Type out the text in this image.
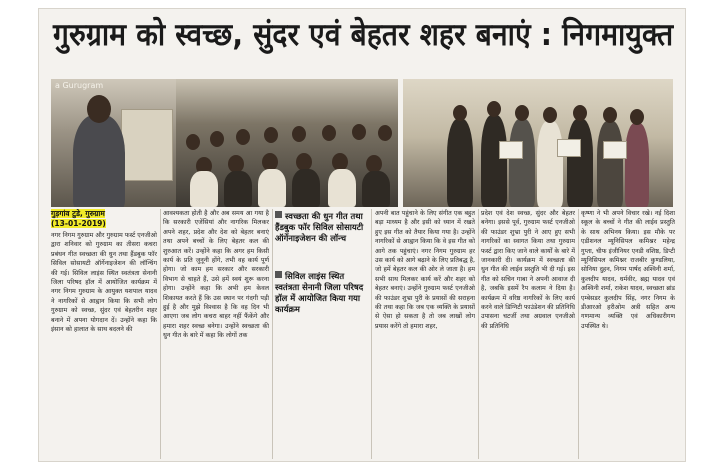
गुरुग्राम को स्वच्छ, सुंदर एवं बेहतर शहर बनाएं : निगमायुक्त
a Gurugram
गुड़गांव टुडे, गुरुग्राम
(13-01-2019)
नगर निगम गुरुग्राम और गुरुग्राम फर्स्ट एनजीओ द्वारा शनिवार को गुरुग्राम का तीसरा कचरा प्रबंधन गीत स्वच्छता की धुन तथा हैंडबुक फॉर सिविल सोसायटी ऑर्गेनाइजेशन की लॉन्चिंग की गई। सिविल लाइंस स्थित स्वतंत्रता सेनानी जिला परिषद हॉल में आयोजित कार्यक्रम में नगर निगम गुरुग्राम के आयुक्त यशपाल यादव ने नागरिकों से आह्वान किया कि सभी लोग गुरुग्राम को स्वच्छ, सुंदर एवं बेहतरीन शहर बनाने में अपना योगदान दें। उन्होंने कहा कि इंसान को हालात के साथ बदलने की
आवश्यकता होती है और अब समय आ गया है कि सरकारी एजेंसियां और नागरिक मिलकर अपने शहर, प्रदेश और देश को बेहतर बनाएं तथा अपने बच्चों के लिए बेहतर कल की शुरुआत करें। उन्होंने कहा कि अगर हम किसी कार्य के प्रति जुनूनी होंगे, तभी वह कार्य पूर्ण होगा। जो काम हम सरकार और सरकारी विभाग से चाहते हैं, उसे हमें स्वयं शुरू करना होगा। उन्होंने कहा कि अभी हम केवल शिकायत करते हैं कि उस स्थान पर गंदगी पड़ी हुई है और मुझे विश्वास है कि वह दिन भी आएगा जब लोग कचरा बाहर नहीं फैंकेंगे और हमारा शहर स्वच्छ बनेगा। उन्होंने स्वच्छता की धुन गीत के बारे में कहा कि लोगों तक
स्वच्छता की धुन गीत तथा हैंडबुक फॉर सिविल सोसायटी ऑर्गेनाइजेशन की लॉन्च
सिविल लाइंस स्थित स्वतंत्रता सेनानी जिला परिषद हॉल में आयोजित किया गया कार्यक्रम
अपनी बात पहुंचाने के लिए संगीत एक बहुत बड़ा माध्यम है और इसी को ध्यान में रखते हुए इस गीत को तैयार किया गया है। उन्होंने नागरिकों से आह्वान किया कि वे इस गीत को आगे तक पहुंचाएं। नगर निगम गुरुग्राम हर उस कार्य को आगे बढ़ाने के लिए प्रतिबद्ध है, जो हमें बेहतर कल की ओर ले जाता है। हम सभी साथ मिलकर कार्य करें और शहर को बेहतर बनाएं। उन्होंने गुरुग्राम फर्स्ट एनजीओ की फाउंडर शुभ्रा पुरी के प्रयासों की सराहना की तथा कहा कि जब एक व्यक्ति के प्रयासों से ऐसा हो सकता है तो जब लाखों लोग प्रयास करेंगे तो हमारा शहर,
प्रदेश एवं देश स्वच्छ, सुंदर और बेहतर बनेगा। इससे पूर्व, गुरुग्राम फर्स्ट एनजीओ की फाउंडर शुभ्रा पुरी ने आए हुए सभी नागरिकों का स्वागत किया तथा गुरुग्राम फर्स्ट द्वारा किए जाने वाले कार्यों के बारे में जानकारी दी। कार्यक्रम में स्वच्छता की धुन गीत की लाईव प्रस्तुति भी दी गई। इस गीत को सचिन गाबा ने अपनी आवाज दी है, जबकि इसमें रैप कलाम ने दिया है। कार्यक्रम में वरिष्ठ नागरिकों के लिए कार्य करने वाले डिग्निटी फाउंडेशन की प्रतिनिधि उपासना चटर्जी तथा अग्रवाल एनजीओ की प्रतिनिधि
कृष्णा ने भी अपने विचार रखे। नई दिशा स्कूल के बच्चों ने गीत की लाईव प्रस्तुति के साथ अभिनय किया। इस मौके पर एडीशनल म्यूनिसिपल कमिश्नर महेन्द्र गुप्ता, चीफ इंजीनियर एनडी वशिष्ठ, डिप्टी म्यूनिसिपल कमिश्नर राजबीर कुण्डलिया, सोनिया दुहन, निगम पार्षद अश्विनी शर्मा, कुलदीप यादव, धर्मवीर, ब्रह्म यादव एवं अश्विनी शर्मा, राकेश यादव, स्वच्छता ब्रांड एम्बेसडर कुलदीप सिंह, नगर निगम के डीआरओ हरीओम अत्री सहित अन्य गणमान्य व्यक्ति एवं अधिकारीगण उपस्थित थे।
